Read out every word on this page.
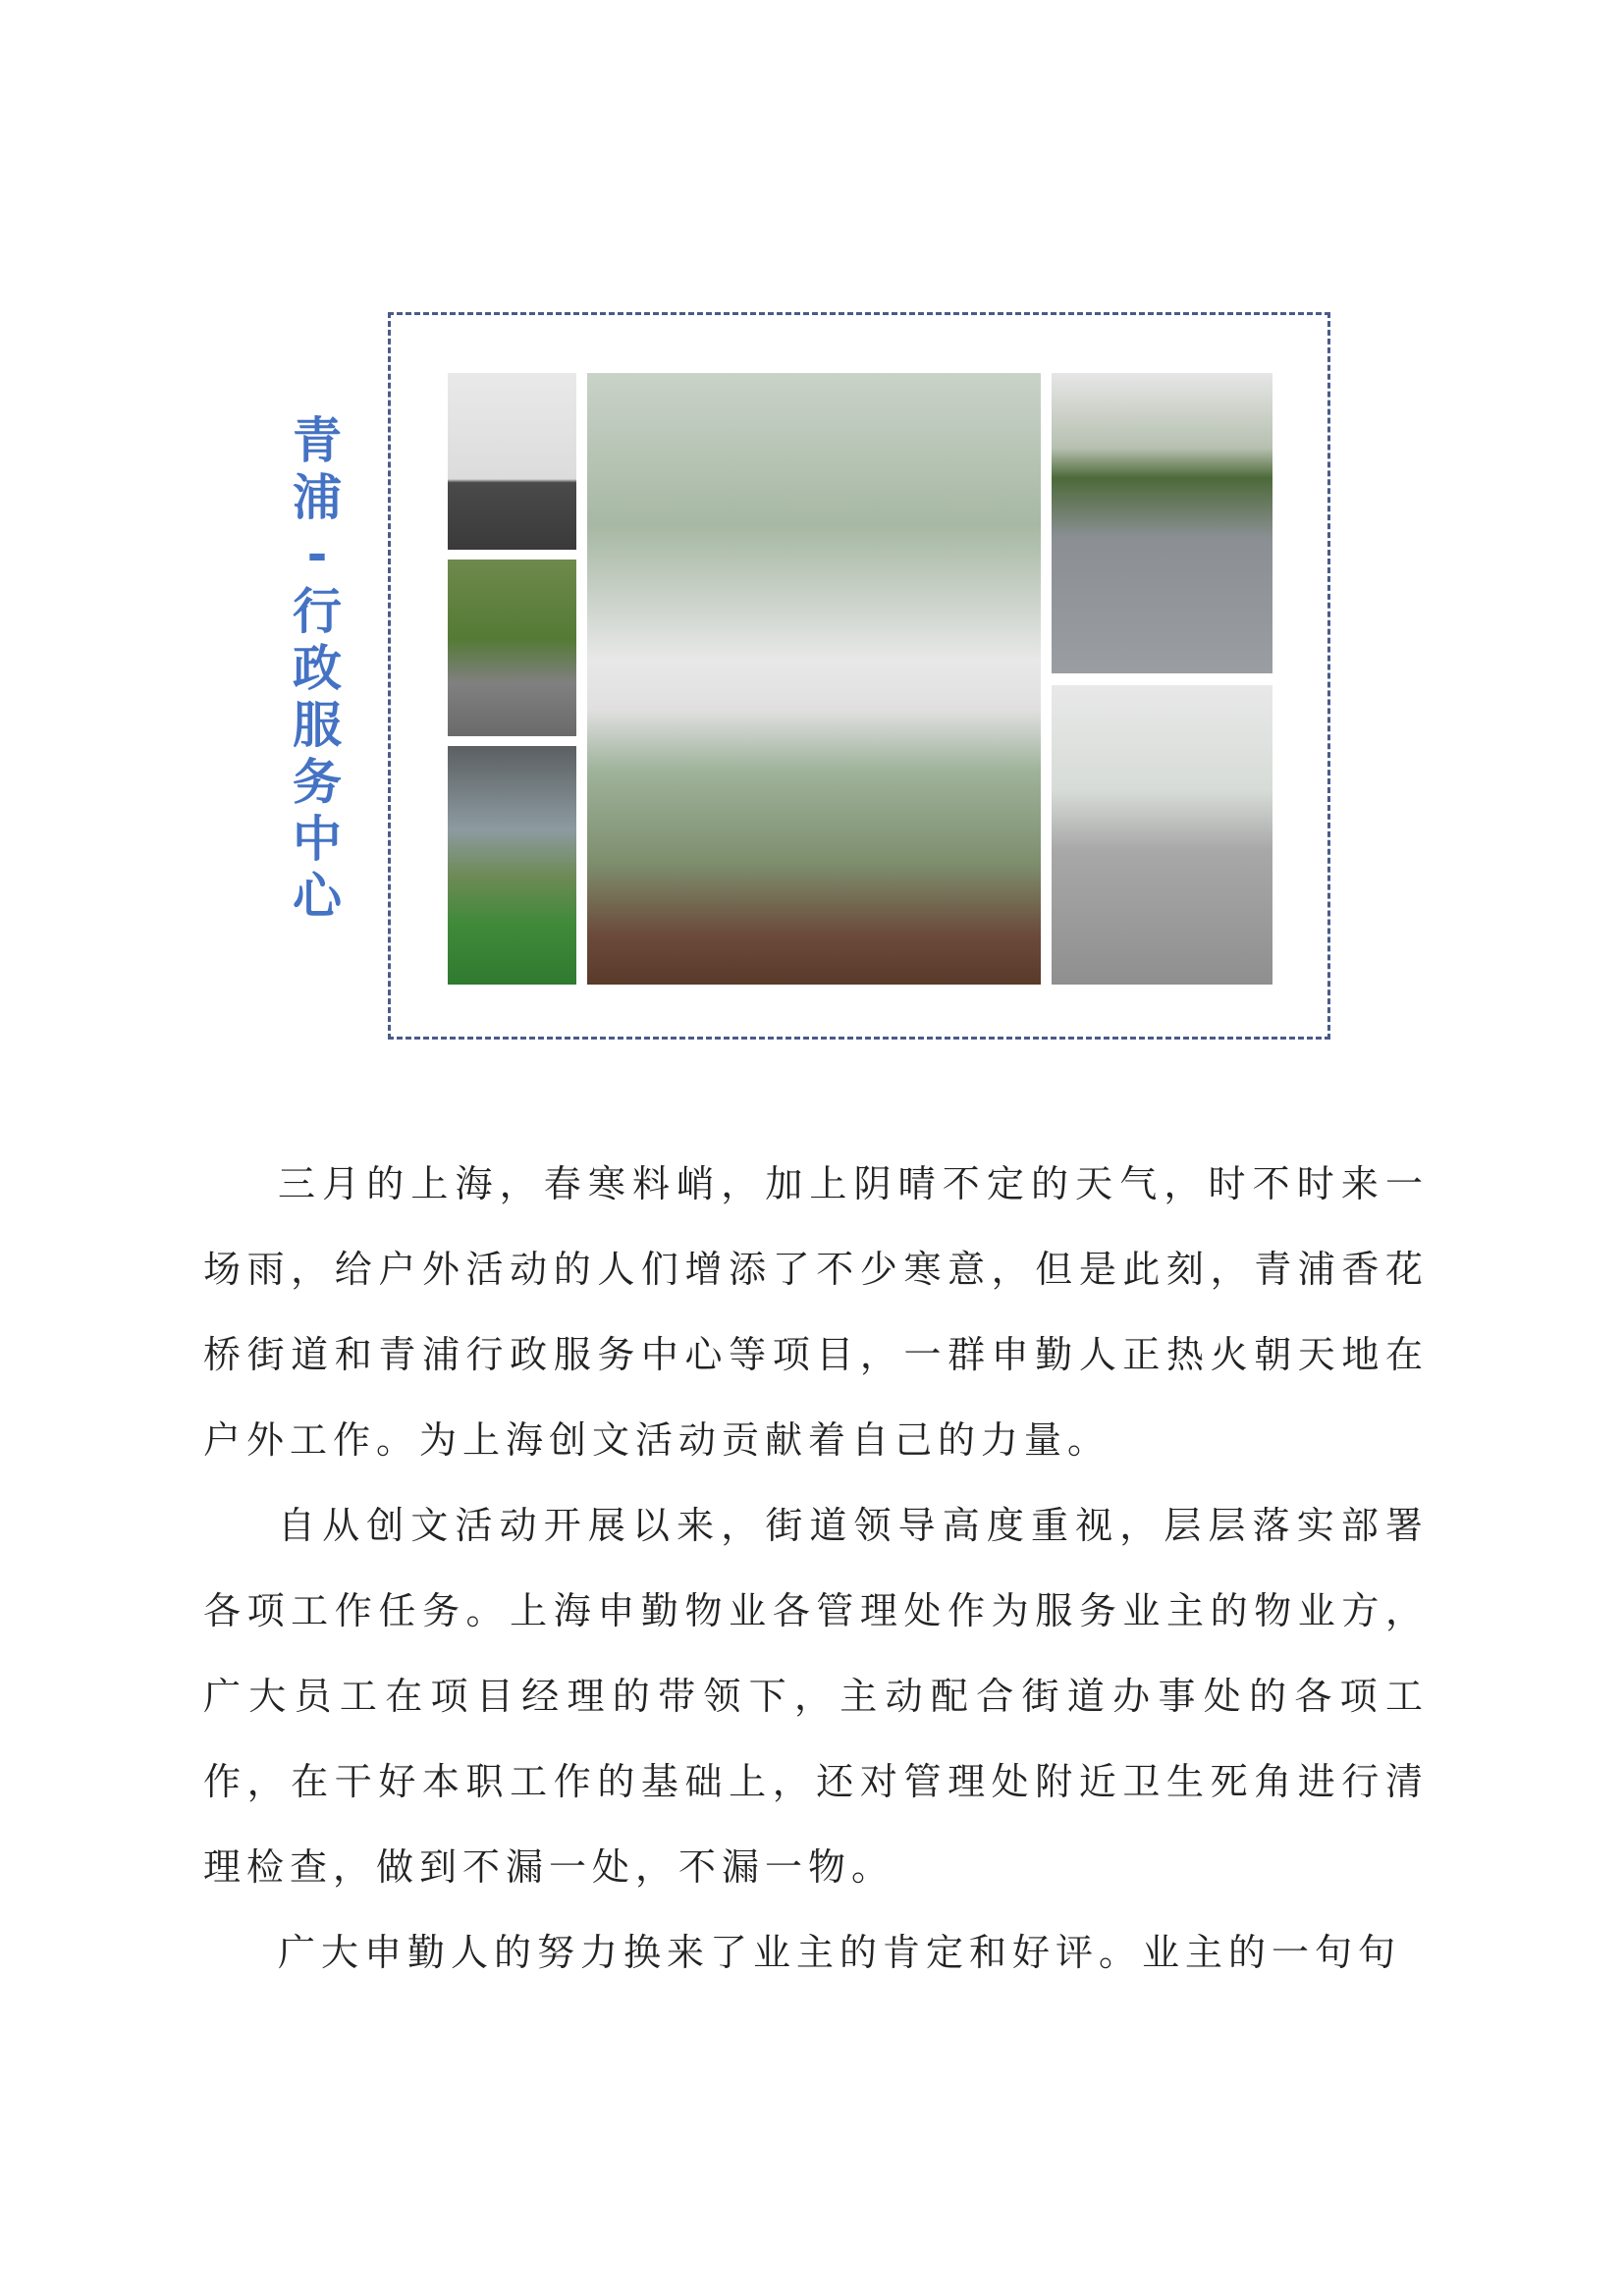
青
浦
-
行
政
服
务
中
心

三月的上海，春寒料峭，加上阴晴不定的天气，时不时来一场雨，给户外活动的人们增添了不少寒意，但是此刻，青浦香花桥街道和青浦行政服务中心等项目，一群申勤人正热火朝天地在户外工作。为上海创文活动贡献着自己的力量。

自从创文活动开展以来，街道领导高度重视，层层落实部署各项工作任务。上海申勤物业各管理处作为服务业主的物业方，广大员工在项目经理的带领下，主动配合街道办事处的各项工作，在干好本职工作的基础上，还对管理处附近卫生死角进行清理检查，做到不漏一处，不漏一物。

广大申勤人的努力换来了业主的肯定和好评。业主的一句句
